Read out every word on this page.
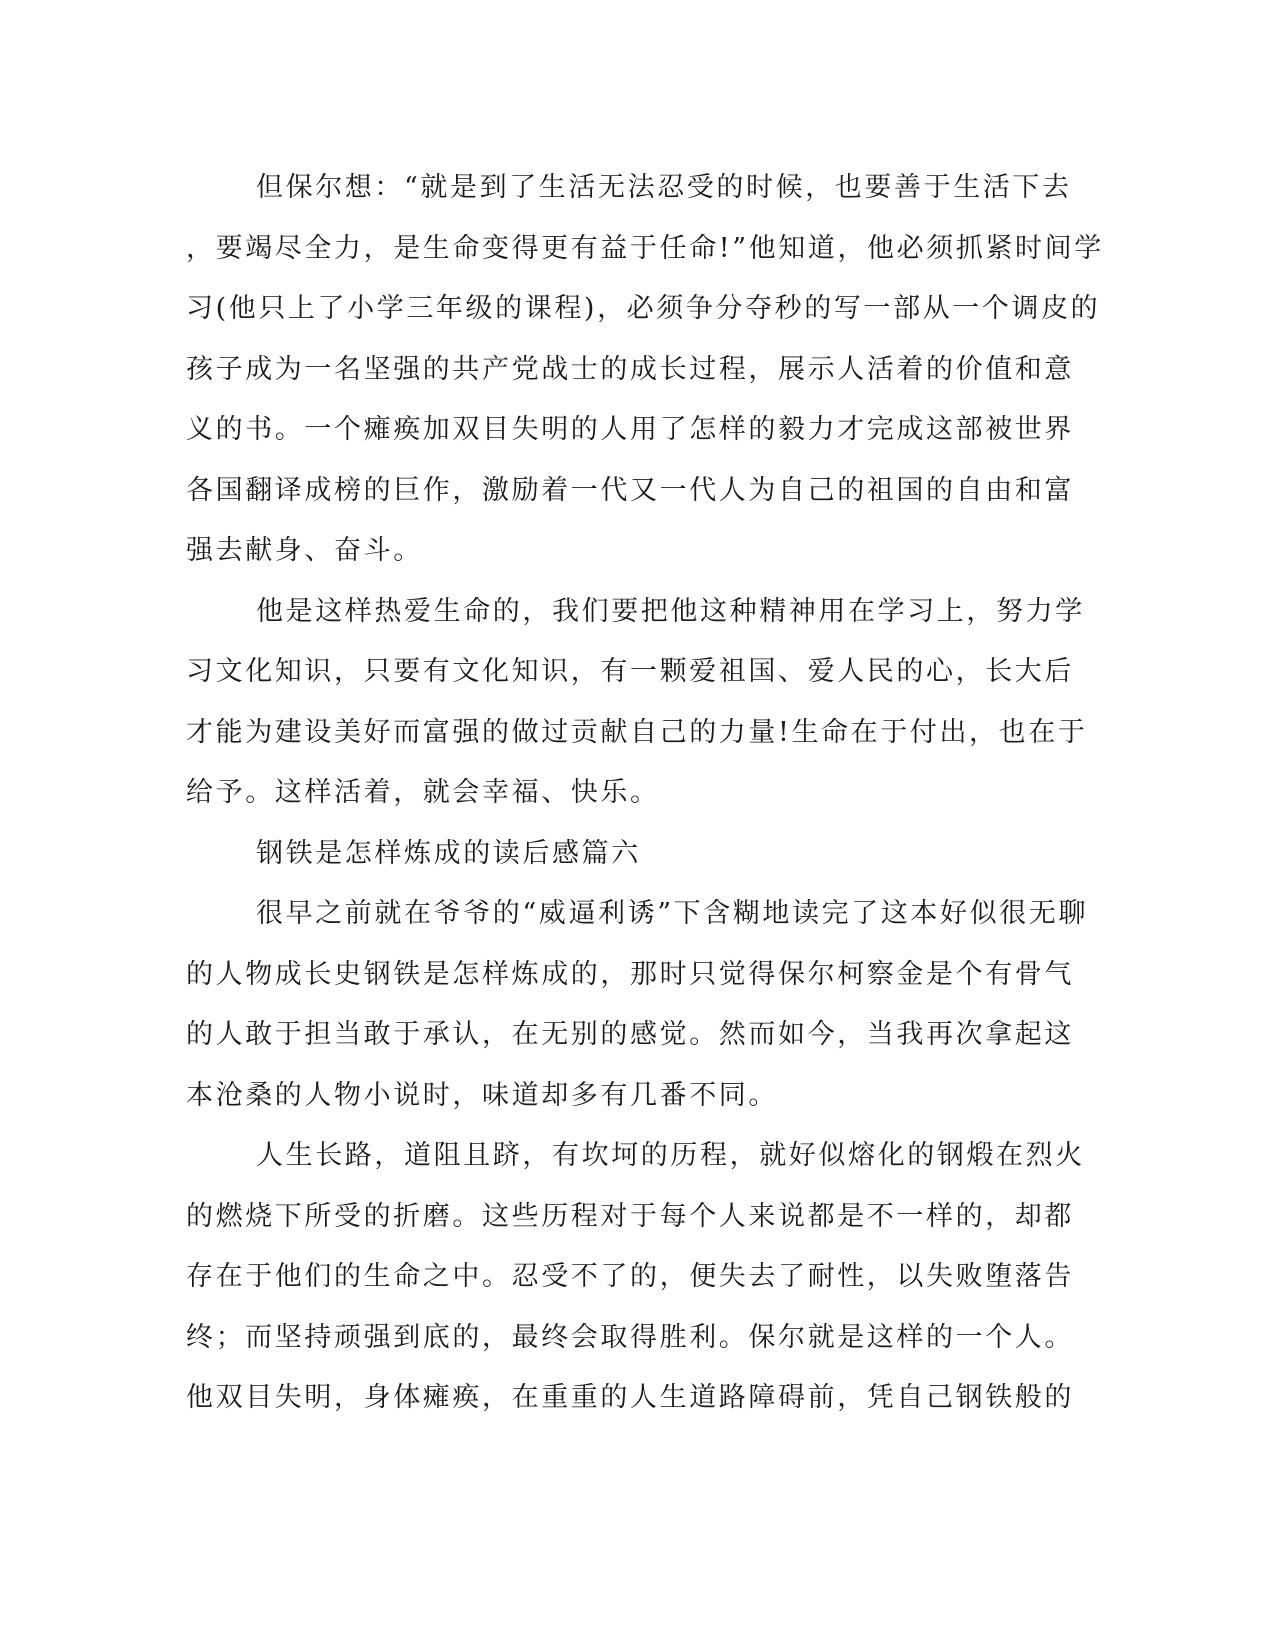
但保尔想：“就是到了生活无法忍受的时候，也要善于生活下去
，要竭尽全力，是生命变得更有益于任命!”他知道，他必须抓紧时间学
习(他只上了小学三年级的课程)，必须争分夺秒的写一部从一个调皮的
孩子成为一名坚强的共产党战士的成长过程，展示人活着的价值和意
义的书。一个瘫痪加双目失明的人用了怎样的毅力才完成这部被世界
各国翻译成榜的巨作，激励着一代又一代人为自己的祖国的自由和富
强去献身、奋斗。
他是这样热爱生命的，我们要把他这种精神用在学习上，努力学
习文化知识，只要有文化知识，有一颗爱祖国、爱人民的心，长大后
才能为建设美好而富强的做过贡献自己的力量!生命在于付出，也在于
给予。这样活着，就会幸福、快乐。
钢铁是怎样炼成的读后感篇六
很早之前就在爷爷的“威逼利诱”下含糊地读完了这本好似很无聊
的人物成长史钢铁是怎样炼成的，那时只觉得保尔柯察金是个有骨气
的人敢于担当敢于承认，在无别的感觉。然而如今，当我再次拿起这
本沧桑的人物小说时，味道却多有几番不同。
人生长路，道阻且跻，有坎坷的历程，就好似熔化的钢煅在烈火
的燃烧下所受的折磨。这些历程对于每个人来说都是不一样的，却都
存在于他们的生命之中。忍受不了的，便失去了耐性，以失败堕落告
终；而坚持顽强到底的，最终会取得胜利。保尔就是这样的一个人。
他双目失明，身体瘫痪，在重重的人生道路障碍前，凭自己钢铁般的
